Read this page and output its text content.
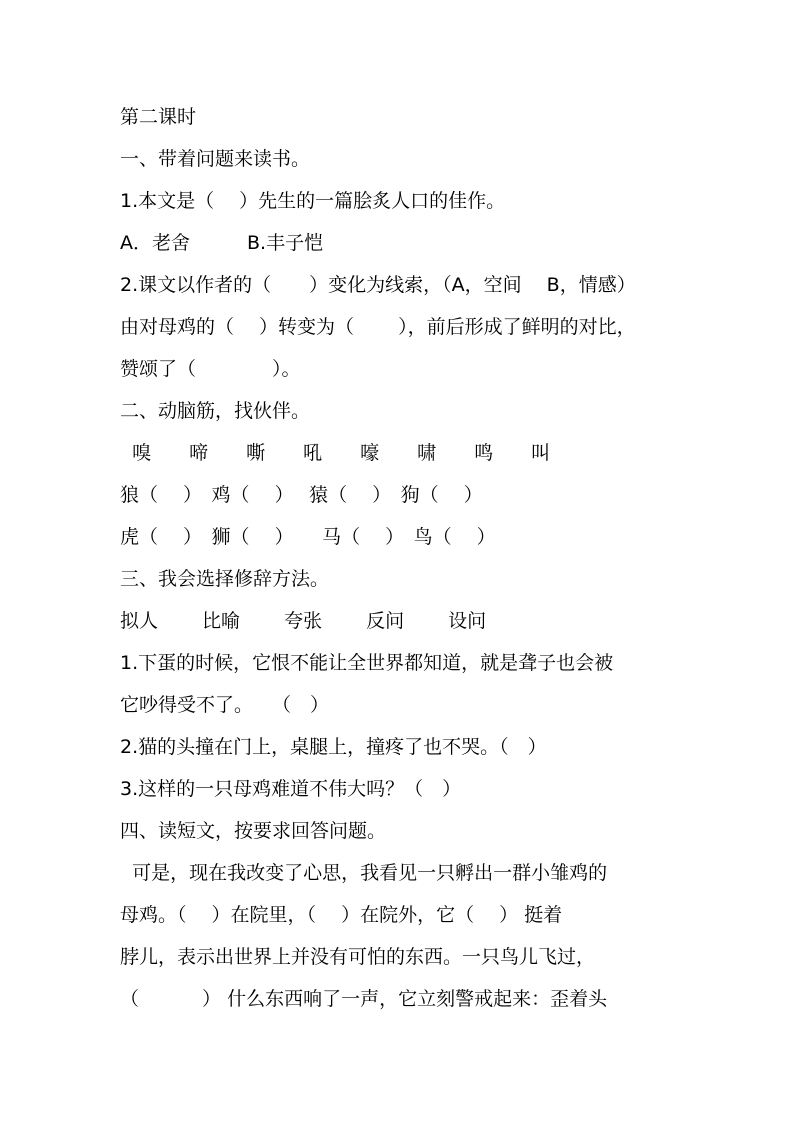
第二课时
一、带着问题来读书。
1.本文是（　 ）先生的一篇脍炙人口的佳作。
A．老舍　　　B.丰子恺
2.课文以作者的（　　）变化为线索，（A，空间　 B，情感）
由对母鸡的（　 ）转变为（　　 ），前后形成了鲜明的对比，
赞颂了（　　　　）。
二、动脑筋，找伙伴。
嗅　　啼　　嘶　　吼　　嚎　　啸　　鸣　　叫
狼（　 ）　鸡（　 ）　 猿（　 ）　狗（　 ）
虎（　 ）　狮（　 ）　　马（　 ）　鸟（　 ）
三、我会选择修辞方法。
拟人　　 比喻　　 夸张　　 反问　　 设问
1.下蛋的时候，它恨不能让全世界都知道，就是聋子也会被
它吵得受不了。　　（　）
2.猫的头撞在门上，桌腿上，撞疼了也不哭。（　）
3.这样的一只母鸡难道不伟大吗？（　）
四、读短文，按要求回答问题。
可是，现在我改变了心思，我看见一只孵出一群小雏鸡的
母鸡。（　 ）在院里，（　 ）在院外，它（　 ） 挺着
脖儿，表示出世界上并没有可怕的东西。一只鸟儿飞过，
（　　　 ） 什么东西响了一声，它立刻警戒起来：歪着头
